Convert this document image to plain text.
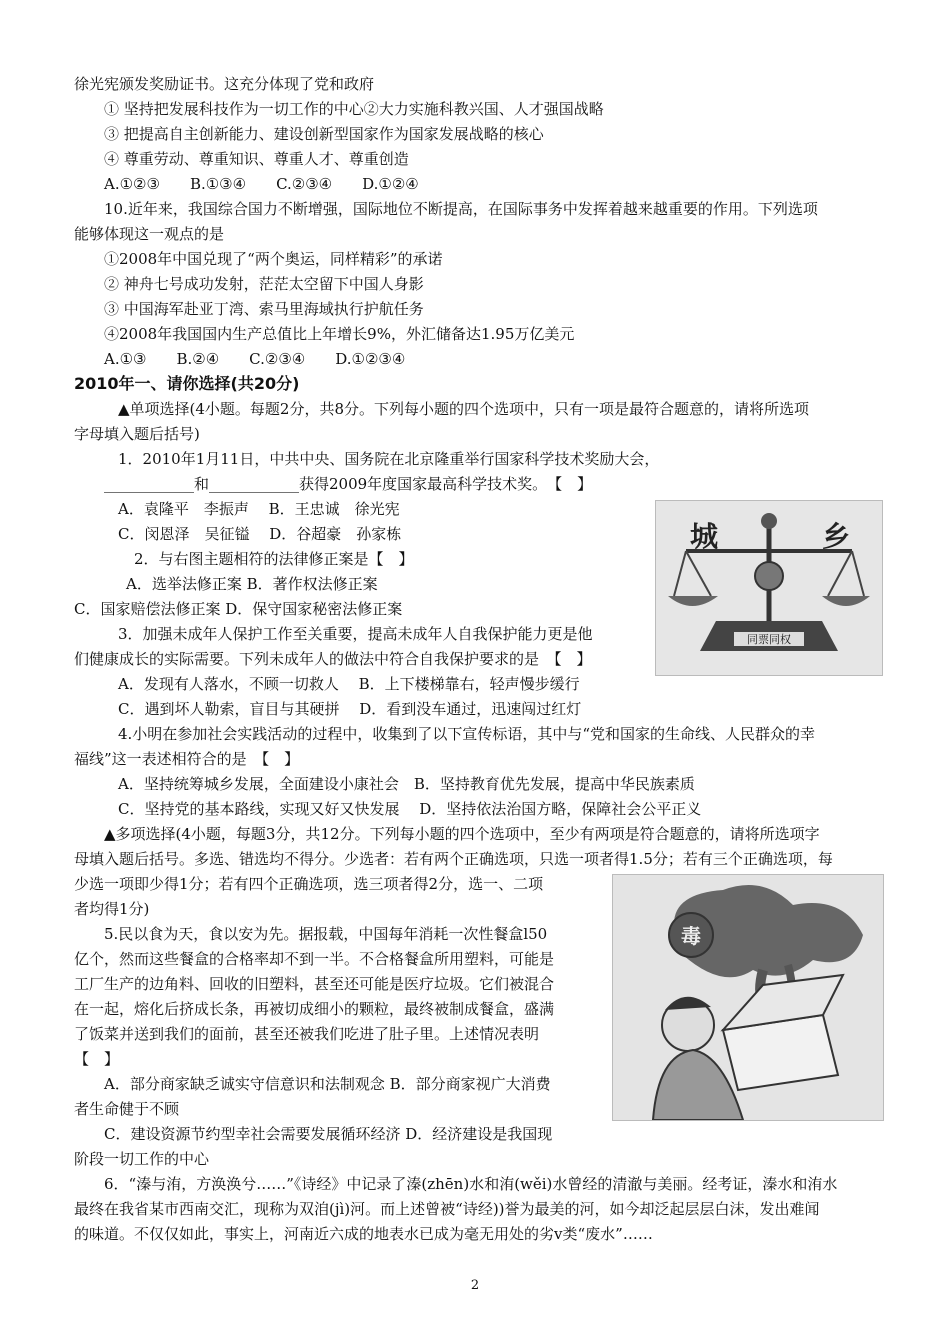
徐光宪颁发奖励证书。这充分体现了党和政府
① 坚持把发展科技作为一切工作的中心②大力实施科教兴国、人才强国战略
③ 把提高自主创新能力、建设创新型国家作为国家发展战略的核心
④ 尊重劳动、尊重知识、尊重人才、尊重创造
A.①②③　　B.①③④　　C.②③④　　D.①②④
10.近年来，我国综合国力不断增强，国际地位不断提高，在国际事务中发挥着越来越重要的作用。下列选项
能够体现这一观点的是
①2008年中国兑现了“两个奥运，同样精彩”的承诺
② 神舟七号成功发射，茫茫太空留下中国人身影
③ 中国海军赴亚丁湾、索马里海域执行护航任务
④2008年我国国内生产总值比上年增长9%，外汇储备达1.95万亿美元
A.①③　　B.②④　　C.②③④　　D.①②③④
2010年一、请你选择(共20分)
▲单项选择(4小题。每题2分，共8分。下列每小题的四个选项中，只有一项是最符合题意的，请将所选项
字母填入题后括号)
1．2010年1月11日，中共中央、国务院在北京隆重举行国家科学技术奖励大会，
____________和____________获得2009年度国家最高科学技术奖。　【　】
A．袁隆平　李振声　 B．王忠诚　徐光宪
C．闵恩泽　吴征镒　 D．谷超豪　孙家栋
2．与右图主题相符的法律修正案是【　】
A．选举法修正案 B．著作权法修正案
C．国家赔偿法修正案 D．保守国家秘密法修正案
3．加强未成年人保护工作至关重要，提高未成年人自我保护能力更是他
们健康成长的实际需要。下列未成年人的做法中符合自我保护要求的是　【　】
A．发现有人落水，不顾一切救人　 B．上下楼梯靠右，轻声慢步缓行
C．遇到坏人勒索，盲目与其硬拼　 D．看到没车通过，迅速闯过红灯
4.小明在参加社会实践活动的过程中，收集到了以下宣传标语，其中与“党和国家的生命线、人民群众的幸
福线”这一表述相符合的是　【　】
A．坚持统筹城乡发展，全面建设小康社会　B．坚持教育优先发展，提高中华民族素质
C．坚持党的基本路线，实现又好又快发展　 D．坚持依法治国方略，保障社会公平正义
▲多项选择(4小题，每题3分，共12分。下列每小题的四个选项中，至少有两项是符合题意的，请将所选项字
母填入题后括号。多选、错选均不得分。少选者：若有两个正确选项，只选一项者得1.5分；若有三个正确选项，每
少选一项即少得1分；若有四个正确选项，选三项者得2分，选一、二项
者均得1分)
5.民以食为天，食以安为先。据报载，中国每年消耗一次性餐盒l50
亿个，然而这些餐盒的合格率却不到一半。不合格餐盒所用塑料，可能是
工厂生产的边角料、回收的旧塑料，甚至还可能是医疗垃圾。它们被混合
在一起，熔化后挤成长条，再被切成细小的颗粒，最终被制成餐盒，盛满
了饭菜并送到我们的面前，甚至还被我们吃进了肚子里。上述情况表明
【　】
A．部分商家缺乏诚实守信意识和法制观念 B．部分商家视广大消费
者生命健于不顾
C．建设资源节约型幸社会需要发展循环经济 D．经济建设是我国现
阶段一切工作的中心
6．“溱与洧，方涣涣兮……”《诗经》中记录了溱(zhēn)水和洧(wěi)水曾经的清澈与美丽。经考证，溱水和洧水
最终在我省某市西南交汇，现称为双洎(jì)河。而上述曾被“诗经))誉为最美的河，如今却泛起层层白沫，发出难闻
的味道。不仅仅如此，事实上，河南近六成的地表水已成为毫无用处的劣v类“废水”……
城	乡
同票同权
毒
2
